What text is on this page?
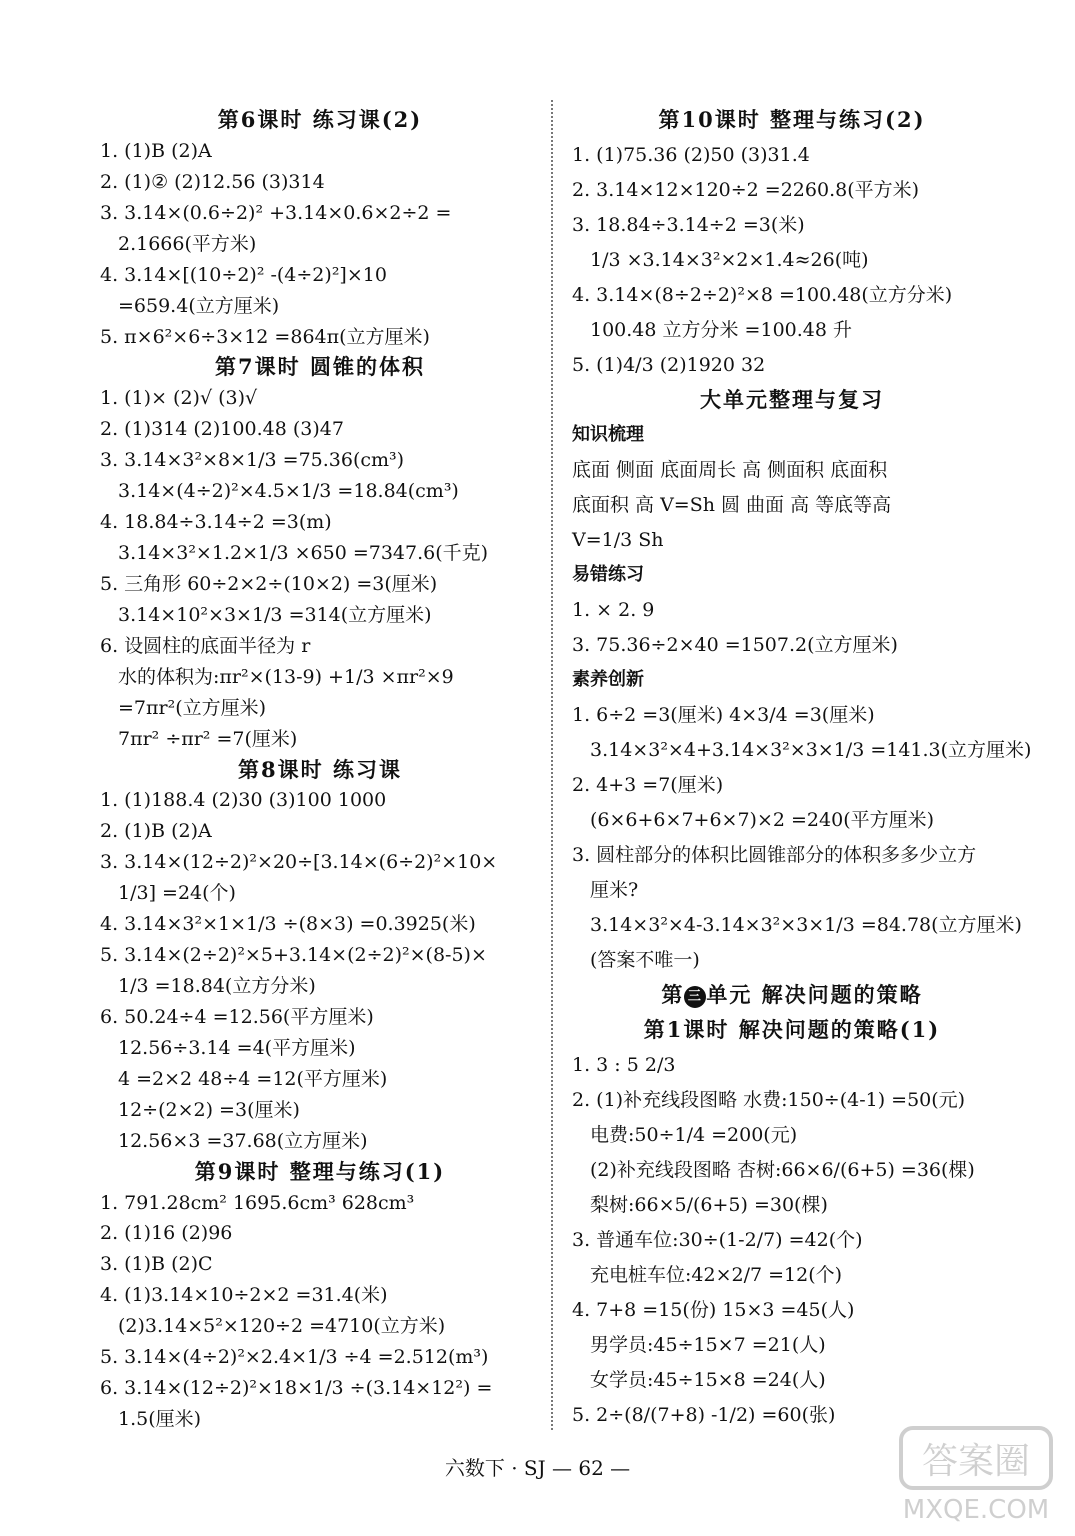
第6课时 练习课(2)
1. (1)B (2)A
2. (1)② (2)12.56 (3)314
3. 3.14×(0.6÷2)² +3.14×0.6×2÷2 =
2.1666(平方米)
4. 3.14×[(10÷2)² -(4÷2)²]×10
=659.4(立方厘米)
5. π×6²×6÷3×12 =864π(立方厘米)
第7课时 圆锥的体积
1. (1)× (2)√ (3)√
2. (1)314 (2)100.48 (3)47
3. 3.14×3²×8×1/3 =75.36(cm³)
3.14×(4÷2)²×4.5×1/3 =18.84(cm³)
4. 18.84÷3.14÷2 =3(m)
3.14×3²×1.2×1/3 ×650 =7347.6(千克)
5. 三角形 60÷2×2÷(10×2) =3(厘米)
3.14×10²×3×1/3 =314(立方厘米)
6. 设圆柱的底面半径为 r
水的体积为:πr²×(13-9) +1/3 ×πr²×9
=7πr²(立方厘米)
7πr² ÷πr² =7(厘米)
第8课时 练习课
1. (1)188.4 (2)30 (3)100 1000
2. (1)B (2)A
3. 3.14×(12÷2)²×20÷[3.14×(6÷2)²×10×
1/3] =24(个)
4. 3.14×3²×1×1/3 ÷(8×3) =0.3925(米)
5. 3.14×(2÷2)²×5+3.14×(2÷2)²×(8-5)×
1/3 =18.84(立方分米)
6. 50.24÷4 =12.56(平方厘米)
12.56÷3.14 =4(平方厘米)
4 =2×2 48÷4 =12(平方厘米)
12÷(2×2) =3(厘米)
12.56×3 =37.68(立方厘米)
第9课时 整理与练习(1)
1. 791.28cm² 1695.6cm³ 628cm³
2. (1)16 (2)96
3. (1)B (2)C
4. (1)3.14×10÷2×2 =31.4(米)
(2)3.14×5²×120÷2 =4710(立方米)
5. 3.14×(4÷2)²×2.4×1/3 ÷4 =2.512(m³)
6. 3.14×(12÷2)²×18×1/3 ÷(3.14×12²) =
1.5(厘米)
第10课时 整理与练习(2)
1. (1)75.36 (2)50 (3)31.4
2. 3.14×12×120÷2 =2260.8(平方米)
3. 18.84÷3.14÷2 =3(米)
1/3 ×3.14×3²×2×1.4≈26(吨)
4. 3.14×(8÷2÷2)²×8 =100.48(立方分米)
100.48 立方分米 =100.48 升
5. (1)4/3 (2)1920 32
大单元整理与复习
知识梳理
底面 侧面 底面周长 高 侧面积 底面积
底面积 高 V=Sh 圆 曲面 高 等底等高
V=1/3 Sh
易错练习
1. × 2. 9
3. 75.36÷2×40 =1507.2(立方厘米)
素养创新
1. 6÷2 =3(厘米) 4×3/4 =3(厘米)
3.14×3²×4+3.14×3²×3×1/3 =141.3(立方厘米)
2. 4+3 =7(厘米)
(6×6+6×7+6×7)×2 =240(平方厘米)
3. 圆柱部分的体积比圆锥部分的体积多多少立方
厘米?
3.14×3²×4-3.14×3²×3×1/3 =84.78(立方厘米)
(答案不唯一)
第 三 单元 解决问题的策略
第1课时 解决问题的策略(1)
1. 3 : 5 2/3
2. (1)补充线段图略 水费:150÷(4-1) =50(元)
电费:50÷1/4 =200(元)
(2)补充线段图略 杏树:66×6/(6+5) =36(棵)
梨树:66×5/(6+5) =30(棵)
3. 普通车位:30÷(1-2/7) =42(个)
充电桩车位:42×2/7 =12(个)
4. 7+8 =15(份) 15×3 =45(人)
男学员:45÷15×7 =21(人)
女学员:45÷15×8 =24(人)
5. 2÷(8/(7+8) -1/2) =60(张)
六数下 · SJ — 62 —	答案圈
MXQE.COM
